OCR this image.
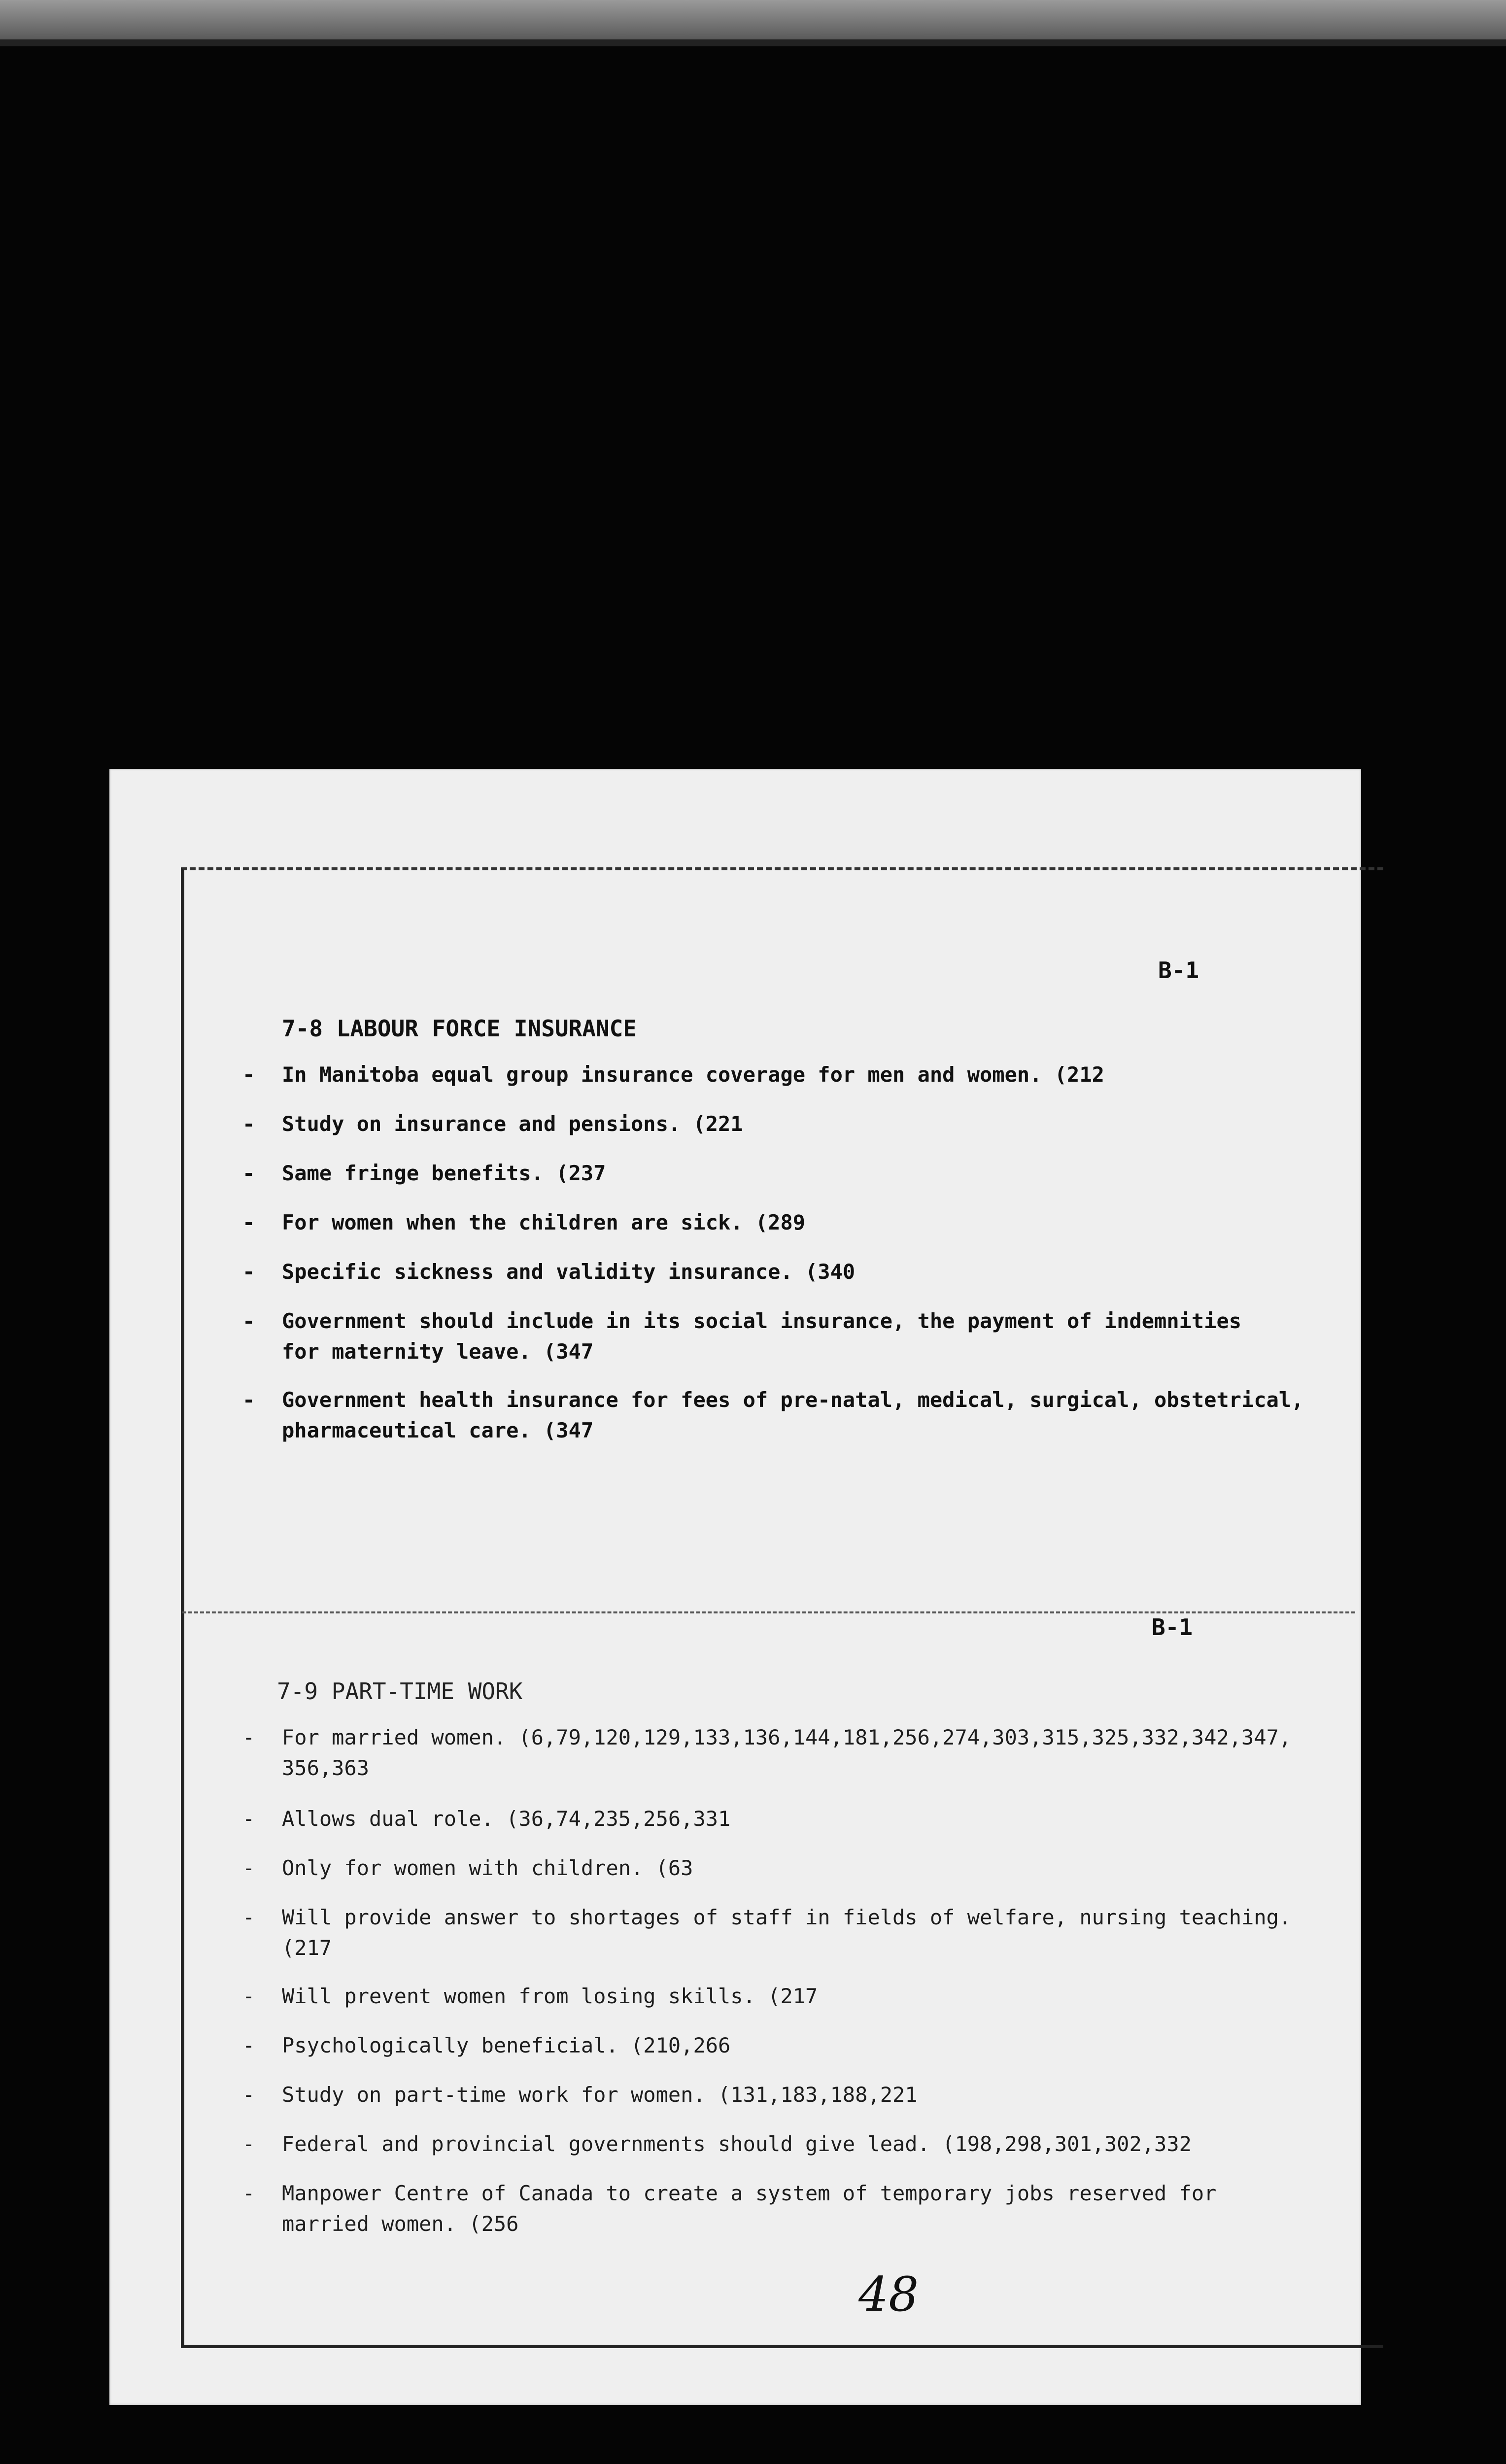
B-1
7-8 LABOUR FORCE INSURANCE
- In Manitoba equal group insurance coverage for men and women. (212
- Study on insurance and pensions. (221
- Same fringe benefits. (237
- For women when the children are sick. (289
- Specific sickness and validity insurance. (340
- Government should include in its social insurance, the payment of indemnities
for maternity leave. (347
- Government health insurance for fees of pre-natal, medical, surgical, obstetrical,
pharmaceutical care. (347
B-1
7-9 PART-TIME WORK
- For married women. (6,79,120,129,133,136,144,181,256,274,303,315,325,332,342,347,
356,363
- Allows dual role. (36,74,235,256,331
- Only for women with children. (63
- Will provide answer to shortages of staff in fields of welfare, nursing teaching.
(217
- Will prevent women from losing skills. (217
- Psychologically beneficial. (210,266
- Study on part-time work for women. (131,183,188,221
- Federal and provincial governments should give lead. (198,298,301,302,332
- Manpower Centre of Canada to create a system of temporary jobs reserved for
married women. (256
48
